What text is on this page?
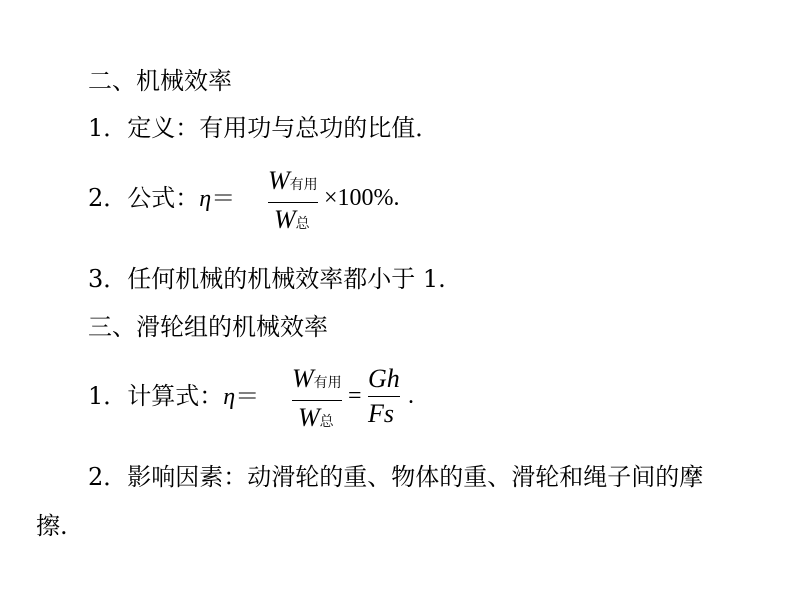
二、机械效率
1．定义：有用功与总功的比值．
2．公式：η＝
W有用
W总
×100%.
3．任何机械的机械效率都小于 1.
三、滑轮组的机械效率
1．计算式：η＝
W有用
W总
=
Gh
Fs
.
2．影响因素：动滑轮的重、物体的重、滑轮和绳子间的摩
擦.
